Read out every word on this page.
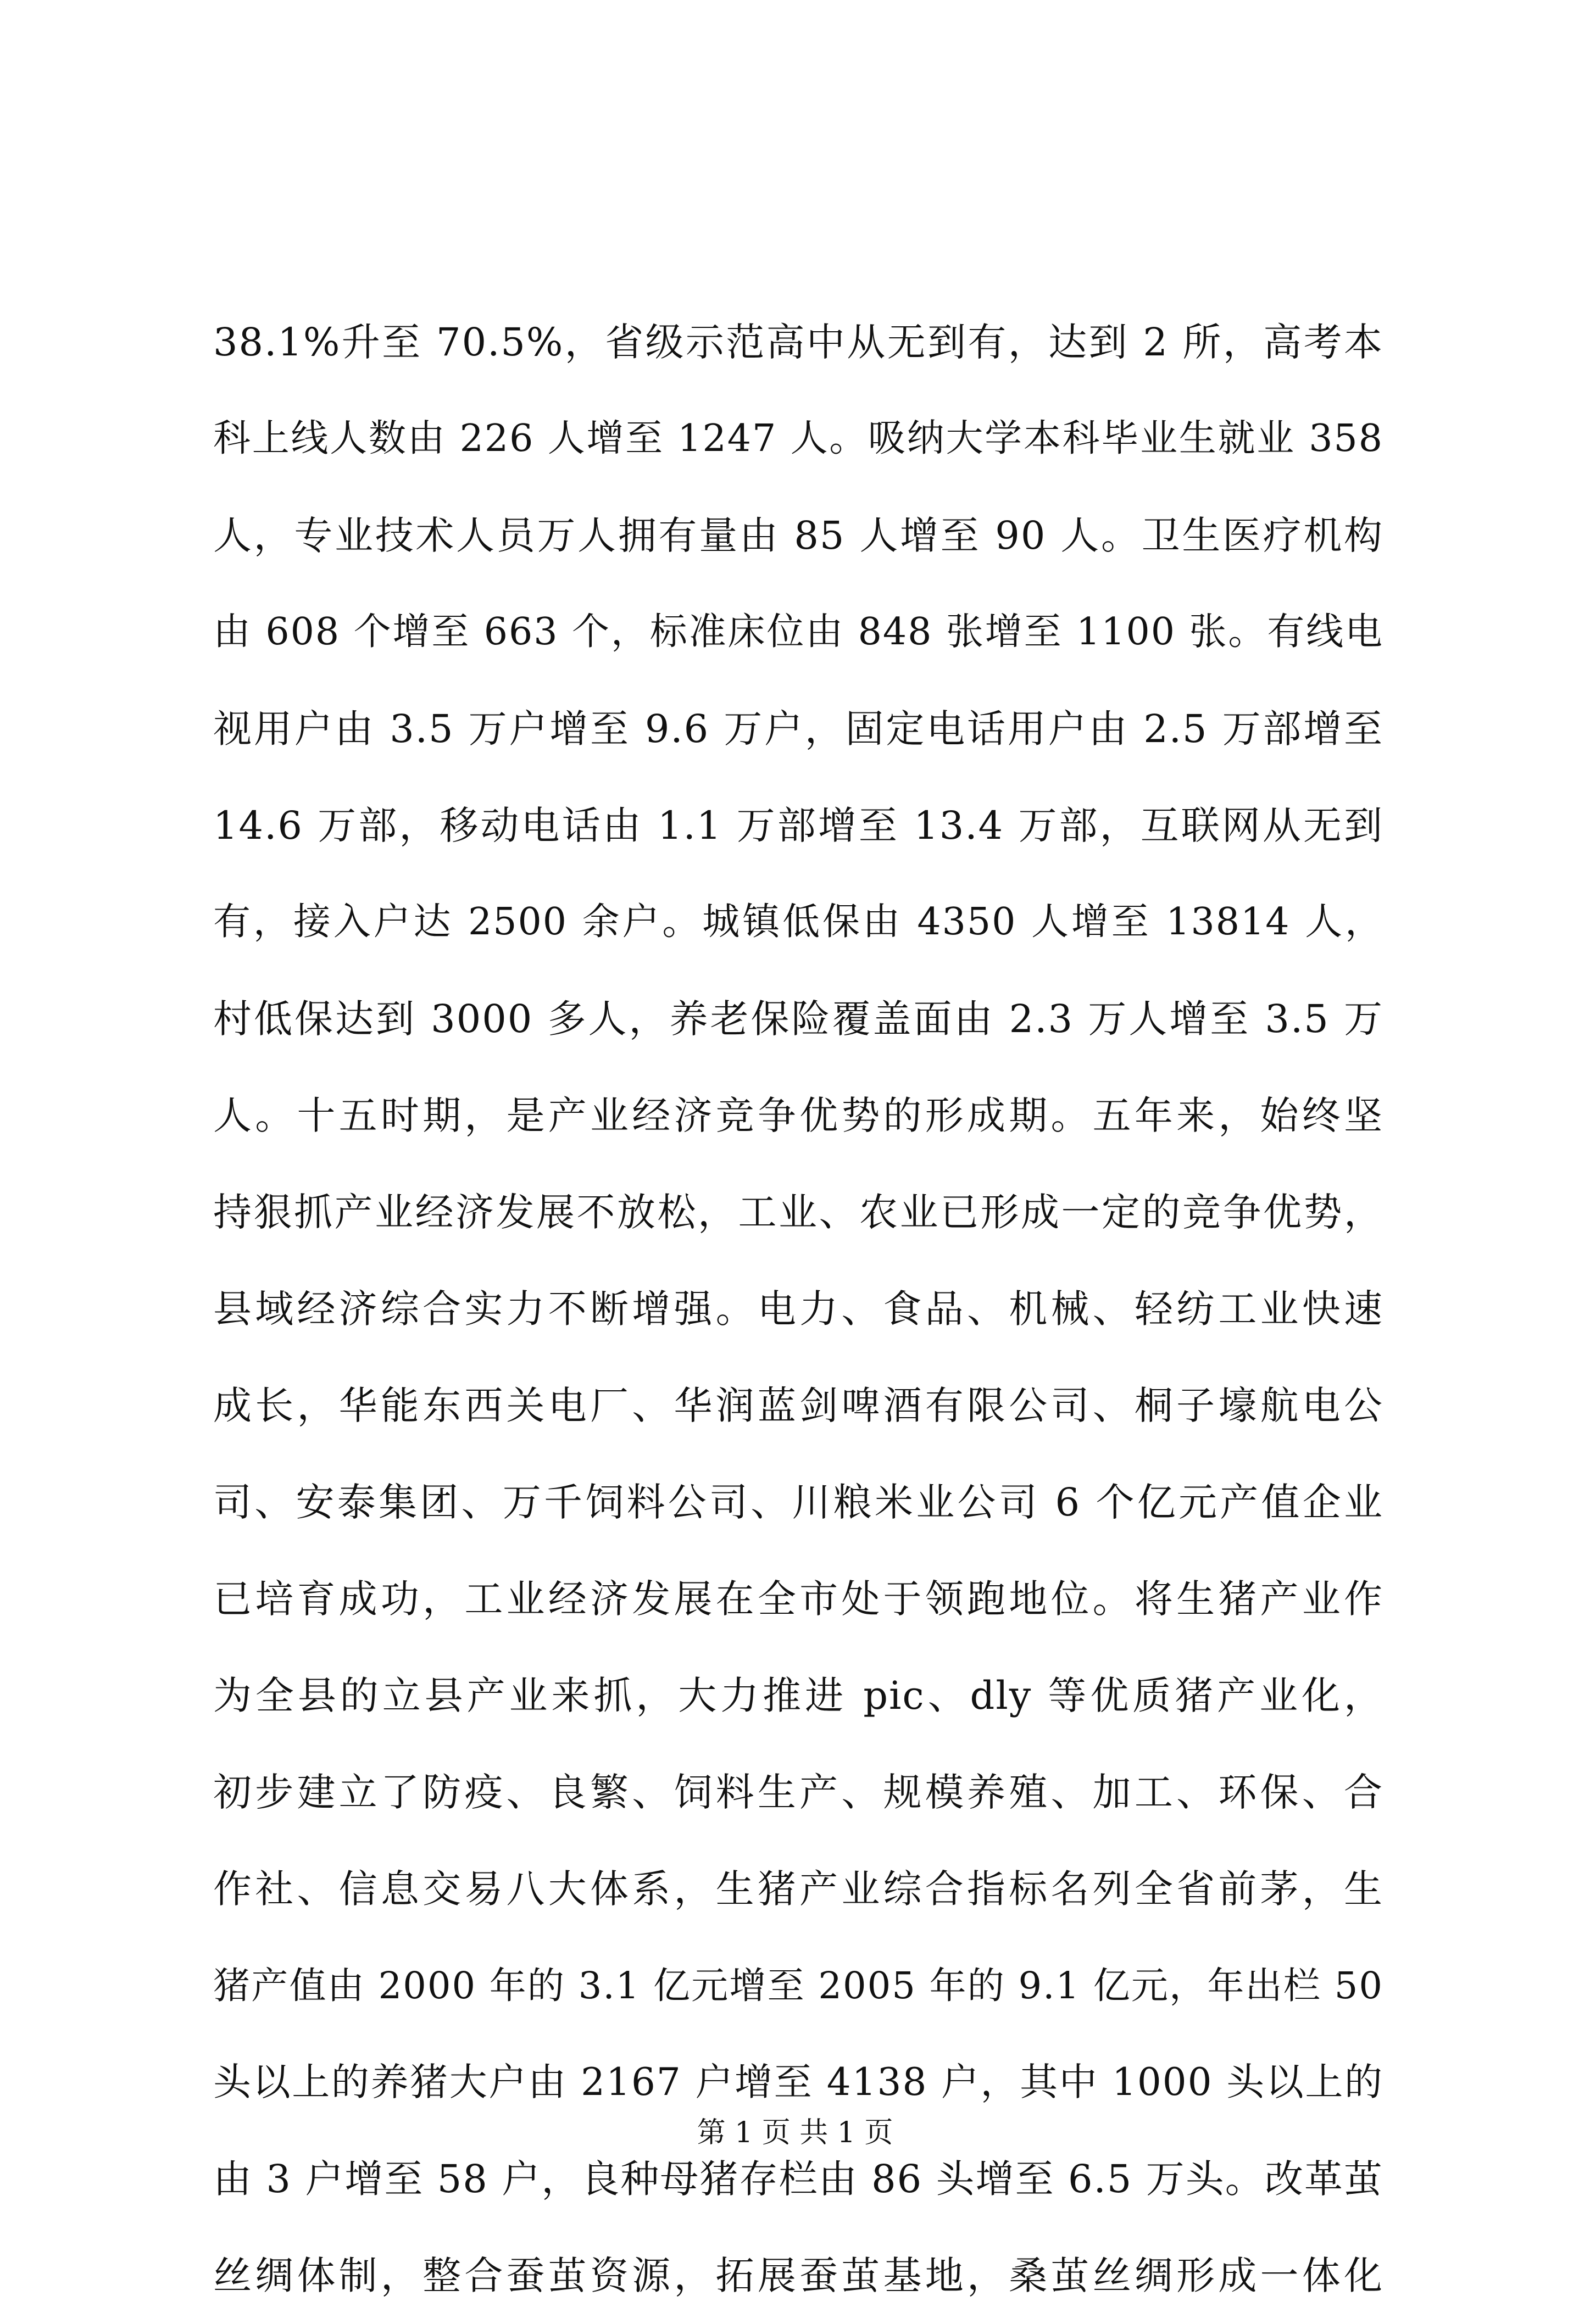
38.1%升至 70.5%，省级示范高中从无到有，达到 2 所，高考本
科上线人数由 226 人增至 1247 人。吸纳大学本科毕业生就业 358
人，专业技术人员万人拥有量由 85 人增至 90 人。卫生医疗机构
由 608 个增至 663 个，标准床位由 848 张增至 1100 张。有线电
视用户由 3.5 万户增至 9.6 万户，固定电话用户由 2.5 万部增至
14.6 万部，移动电话由 1.1 万部增至 13.4 万部，互联网从无到
有，接入户达 2500 余户。城镇低保由 4350 人增至 13814 人，
村低保达到 3000 多人，养老保险覆盖面由 2.3 万人增至 3.5 万
人。十五时期，是产业经济竞争优势的形成期。五年来，始终坚
持狠抓产业经济发展不放松，工业、农业已形成一定的竞争优势，
县域经济综合实力不断增强。电力、食品、机械、轻纺工业快速
成长，华能东西关电厂、华润蓝剑啤酒有限公司、桐子壕航电公
司、安泰集团、万千饲料公司、川粮米业公司 6 个亿元产值企业
已培育成功，工业经济发展在全市处于领跑地位。将生猪产业作
为全县的立县产业来抓，大力推进 pic、dly 等优质猪产业化，
初步建立了防疫、良繁、饲料生产、规模养殖、加工、环保、合
作社、信息交易八大体系，生猪产业综合指标名列全省前茅，生
猪产值由 2000 年的 3.1 亿元增至 2005 年的 9.1 亿元，年出栏 50
头以上的养猪大户由 2167 户增至 4138 户，其中 1000 头以上的
由 3 户增至 58 户，良种母猪存栏由 86 头增至 6.5 万头。改革茧
丝绸体制，整合蚕茧资源，拓展蚕茧基地，桑茧丝绸形成一体化
第 1 页 共 1 页
